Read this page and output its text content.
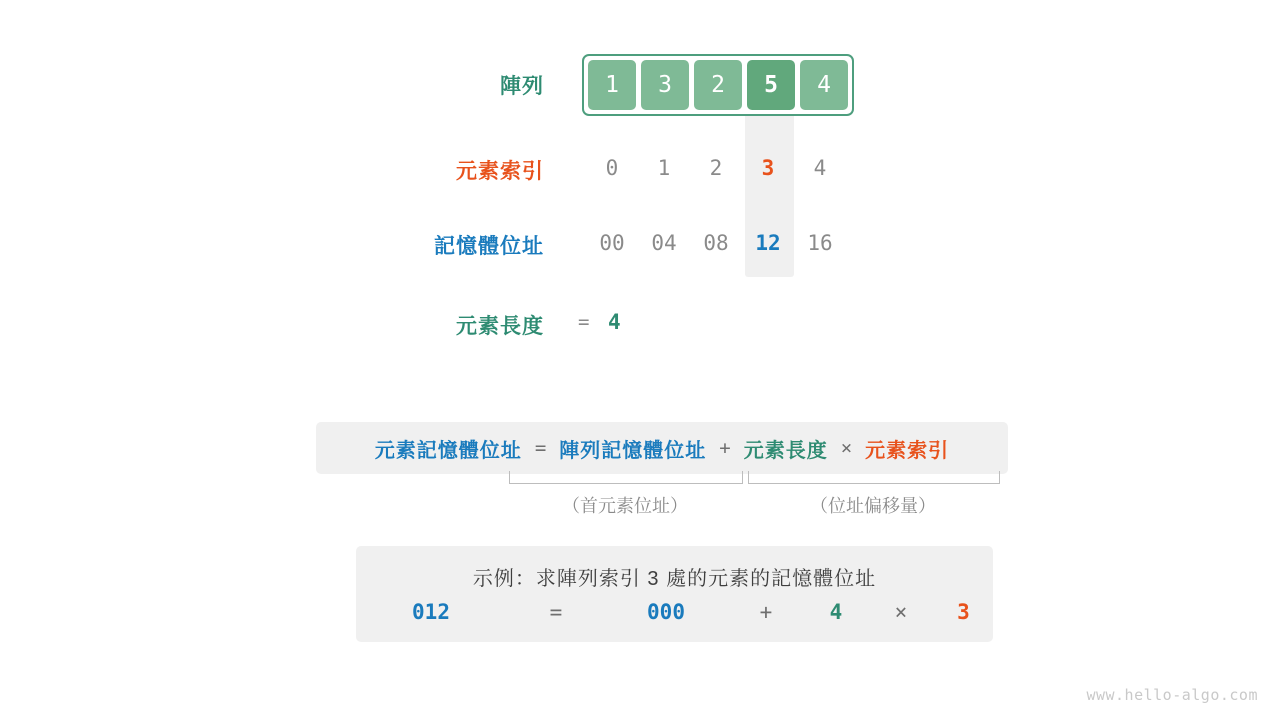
陣列	1	3	2	5	4
元素索引	0	1	2	3	4
記憶體位址	00	04	08	12	16
元素長度 = 4
元素記憶體位址 = 陣列記憶體位址 + 元素長度 × 元素索引
（首元素位址）	（位址偏移量）
示例：求陣列索引 3 處的元素的記憶體位址
012	=	000	+	4	×	3
www.hello-algo.com
